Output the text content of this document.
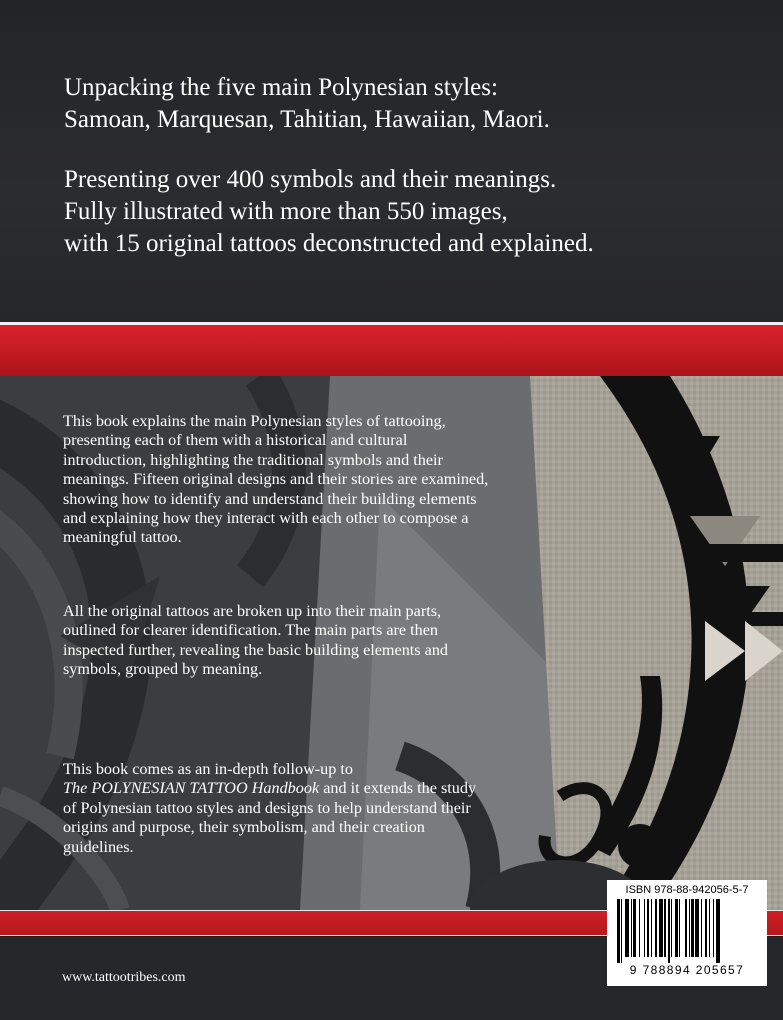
Unpacking the five main Polynesian styles:
Samoan, Marquesan, Tahitian, Hawaiian, Maori.
Presenting over 400 symbols and their meanings.
Fully illustrated with more than 550 images,
with 15 original tattoos deconstructed and explained.
This book explains the main Polynesian styles of tattooing, presenting each of them with a historical and cultural introduction, highlighting the traditional symbols and their meanings. Fifteen original designs and their stories are examined, showing how to identify and understand their building elements and explaining how they interact with each other to compose a meaningful tattoo.
All the original tattoos are broken up into their main parts, outlined for clearer identification. The main parts are then inspected further, revealing the basic building elements and symbols, grouped by meaning.
This book comes as an in-depth follow-up to
The POLYNESIAN TATTOO Handbook and it extends the study of Polynesian tattoo styles and designs to help understand their origins and purpose, their symbolism, and their creation guidelines.
www.tattootribes.com
ISBN 978-88-942056-5-7
9 788894 205657
